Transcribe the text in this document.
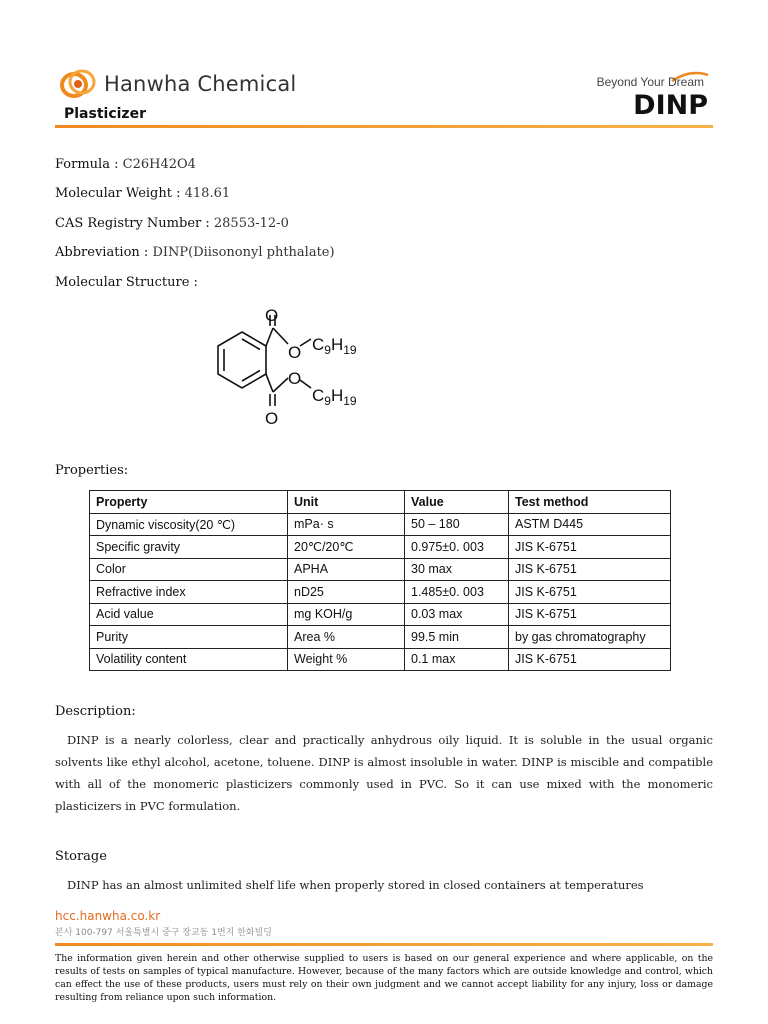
Hanwha Chemical
Plasticizer
Beyond Your Dream
DINP
Formula : C26H42O4
Molecular Weight : 418.61
CAS Registry Number : 28553-12-0
Abbreviation : DINP(Diisononyl phthalate)
Molecular Structure :
O
O
O
O
$C_9H_{19}$
$C_9H_{19}$
Properties:
Property	Unit	Value	Test method
Dynamic viscosity(20 ℃)	mPa· s	50 – 180	ASTM D445
Specific gravity	20℃/20℃	0.975±0. 003	JIS K-6751
Color	APHA	30 max	JIS K-6751
Refractive index	nD25	1.485±0. 003	JIS K-6751
Acid value	mg KOH/g	0.03 max	JIS K-6751
Purity	Area %	99.5 min	by gas chromatography
Volatility content	Weight %	0.1 max	JIS K-6751
Description:
DINP is a nearly colorless, clear and practically anhydrous oily liquid. It is soluble in the usual organic solvents like ethyl alcohol, acetone, toluene. DINP is almost insoluble in water. DINP is miscible and compatible with all of the monomeric plasticizers commonly used in PVC. So it can use mixed with the monomeric plasticizers in PVC formulation.
Storage
DINP has an almost unlimited shelf life when properly stored in closed containers at temperatures
hcc.hanwha.co.kr
본사 100-797 서울특별시 중구 장교동 1번지 한화빌딩
The information given herein and other otherwise supplied to users is based on our general experience and where applicable, on the results of tests on samples of typical manufacture. However, because of the many factors which are outside knowledge and control, which can effect the use of these products, users must rely on their own judgment and we cannot accept liability for any injury, loss or damage resulting from reliance upon such information.
